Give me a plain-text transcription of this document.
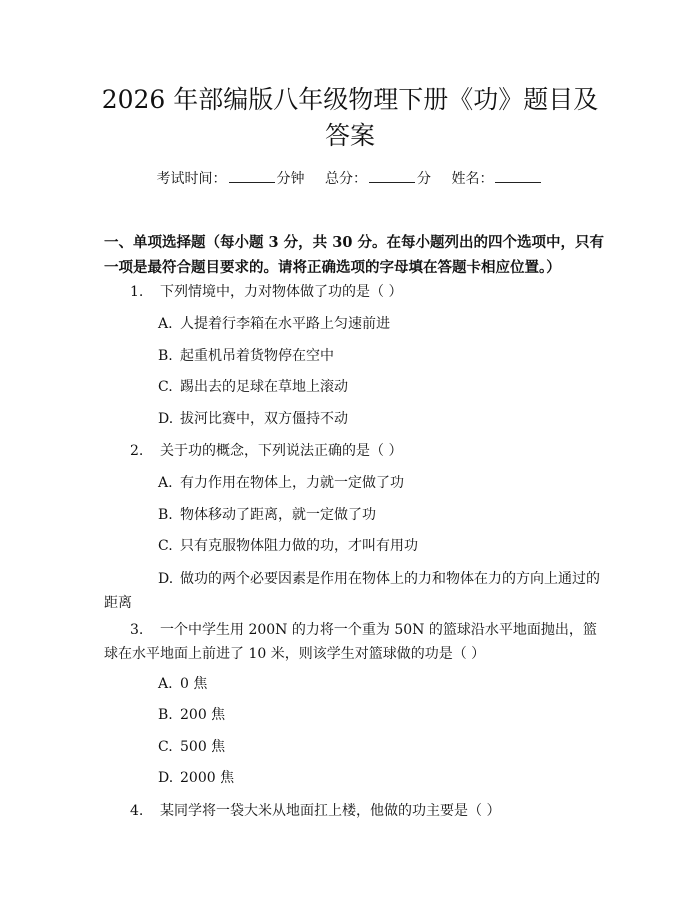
2026 年部编版八年级物理下册《功》题目及
答案
考试时间：	分钟 总分：	分 姓名：
一、单项选择题（每小题 3 分，共 30 分。在每小题列出的四个选项中，只有一项是最符合题目要求的。请将正确选项的字母填在答题卡相应位置。）
1. 下列情境中，力对物体做了功的是（ ）
A. 人提着行李箱在水平路上匀速前进
B. 起重机吊着货物停在空中
C. 踢出去的足球在草地上滚动
D. 拔河比赛中，双方僵持不动
2. 关于功的概念，下列说法正确的是（ ）
A. 有力作用在物体上，力就一定做了功
B. 物体移动了距离，就一定做了功
C. 只有克服物体阻力做的功，才叫有用功
D. 做功的两个必要因素是作用在物体上的力和物体在力的方向上通过的距离
3. 一个中学生用 200N 的力将一个重为 50N 的篮球沿水平地面抛出，篮球在水平地面上前进了 10 米，则该学生对篮球做的功是（ ）
A. 0 焦
B. 200 焦
C. 500 焦
D. 2000 焦
4. 某同学将一袋大米从地面扛上楼，他做的功主要是（ ）
